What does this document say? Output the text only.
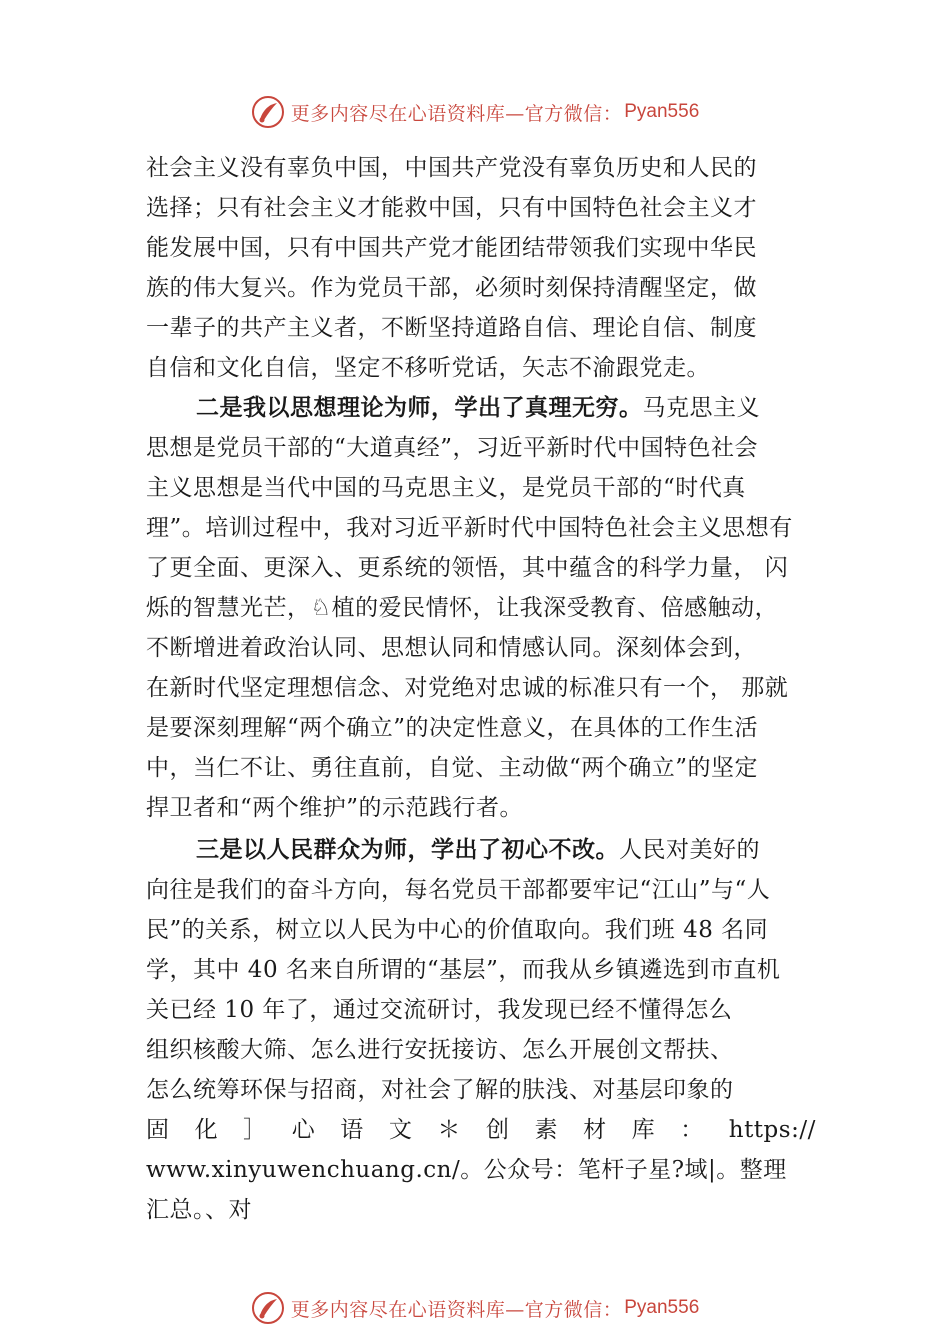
更多内容尽在心语资料库—官方微信： Pyan556
社会主义没有辜负中国，中国共产党没有辜负历史和人民的
选择；只有社会主义才能救中国，只有中国特色社会主义才
能发展中国，只有中国共产党才能团结带领我们实现中华民
族的伟大复兴。作为党员干部，必须时刻保持清醒坚定，做
一辈子的共产主义者，不断坚持道路自信、理论自信、制度
自信和文化自信，坚定不移听党话，矢志不渝跟党走。
二是我以思想理论为师，学出了真理无穷。马克思主义
思想是党员干部的“大道真经”，习近平新时代中国特色社会
主义思想是当代中国的马克思主义，是党员干部的“时代真
理”。培训过程中，我对习近平新时代中国特色社会主义思想有
了更全面、更深入、更系统的领悟，其中蕴含的科学力量， 闪
烁的智慧光芒，♘植的爱民情怀，让我深受教育、倍感触动，
不断增进着政治认同、思想认同和情感认同。深刻体会到，
在新时代坚定理想信念、对党绝对忠诚的标准只有一个， 那就
是要深刻理解“两个确立”的决定性意义，在具体的工作生活
中，当仁不让、勇往直前，自觉、主动做“两个确立”的坚定
捍卫者和“两个维护”的示范践行者。
三是以人民群众为师，学出了初心不改。人民对美好的
向往是我们的奋斗方向，每名党员干部都要牢记“江山”与“人
民”的关系，树立以人民为中心的价值取向。我们班 48 名同
学，其中 40 名来自所谓的“基层”，而我从乡镇遴选到市直机
关已经 10 年了，通过交流研讨，我发现已经不懂得怎么
组织核酸大筛、怎么进行安抚接访、怎么开展创文帮扶、
怎么统筹环保与招商，对社会了解的肤浅、对基层印象的
固 化 ］ 心 语 文 ＊ 创 素 材 库 ： https://
www.xinyuwenchuang.cn/。公众号：笔杆子星?域|。整理
汇总。、对
更多内容尽在心语资料库—官方微信： Pyan556
